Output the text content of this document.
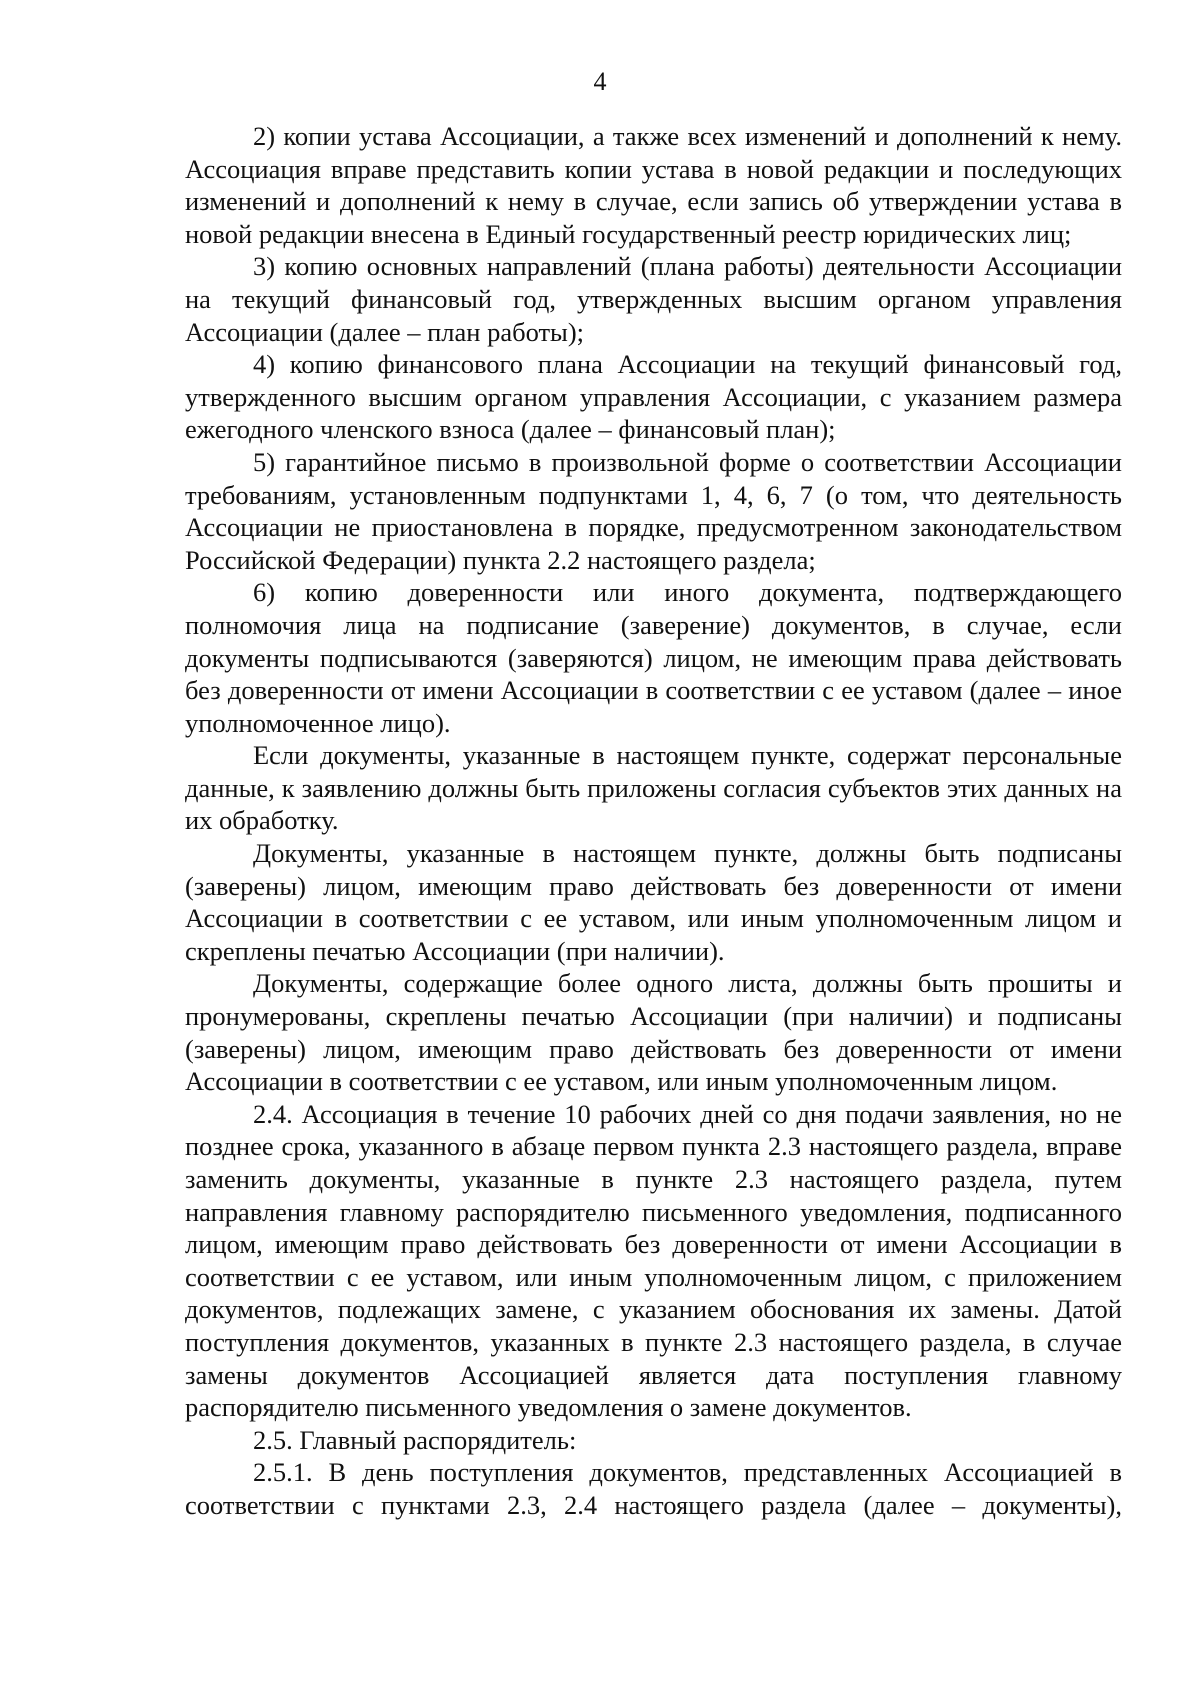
4

2) копии устава Ассоциации, а также всех изменений и дополнений к нему. Ассоциация вправе представить копии устава в новой редакции и последующих изменений и дополнений к нему в случае, если запись об утверждении устава в новой редакции внесена в Единый государственный реестр юридических лиц;

3) копию основных направлений (плана работы) деятельности Ассоциации на текущий финансовый год, утвержденных высшим органом управления Ассоциации (далее – план работы);

4) копию финансового плана Ассоциации на текущий финансовый год, утвержденного высшим органом управления Ассоциации, с указанием размера ежегодного членского взноса (далее – финансовый план);

5) гарантийное письмо в произвольной форме о соответствии Ассоциации требованиям, установленным подпунктами 1, 4, 6, 7 (о том, что деятельность Ассоциации не приостановлена в порядке, предусмотренном законодательством Российской Федерации) пункта 2.2 настоящего раздела;

6) копию доверенности или иного документа, подтверждающего полномочия лица на подписание (заверение) документов, в случае, если документы подписываются (заверяются) лицом, не имеющим права действовать без доверенности от имени Ассоциации в соответствии с ее уставом (далее – иное уполномоченное лицо).

Если документы, указанные в настоящем пункте, содержат персональные данные, к заявлению должны быть приложены согласия субъектов этих данных на их обработку.

Документы, указанные в настоящем пункте, должны быть подписаны (заверены) лицом, имеющим право действовать без доверенности от имени Ассоциации в соответствии с ее уставом, или иным уполномоченным лицом и скреплены печатью Ассоциации (при наличии).

Документы, содержащие более одного листа, должны быть прошиты и пронумерованы, скреплены печатью Ассоциации (при наличии) и подписаны (заверены) лицом, имеющим право действовать без доверенности от имени Ассоциации в соответствии с ее уставом, или иным уполномоченным лицом.

2.4. Ассоциация в течение 10 рабочих дней со дня подачи заявления, но не позднее срока, указанного в абзаце первом пункта 2.3 настоящего раздела, вправе заменить документы, указанные в пункте 2.3 настоящего раздела, путем направления главному распорядителю письменного уведомления, подписанного лицом, имеющим право действовать без доверенности от имени Ассоциации в соответствии с ее уставом, или иным уполномоченным лицом, с приложением документов, подлежащих замене, с указанием обоснования их замены. Датой поступления документов, указанных в пункте 2.3 настоящего раздела, в случае замены документов Ассоциацией является дата поступления главному распорядителю письменного уведомления о замене документов.

2.5. Главный распорядитель:

2.5.1. В день поступления документов, представленных Ассоциацией в соответствии с пунктами 2.3, 2.4 настоящего раздела (далее – документы),
